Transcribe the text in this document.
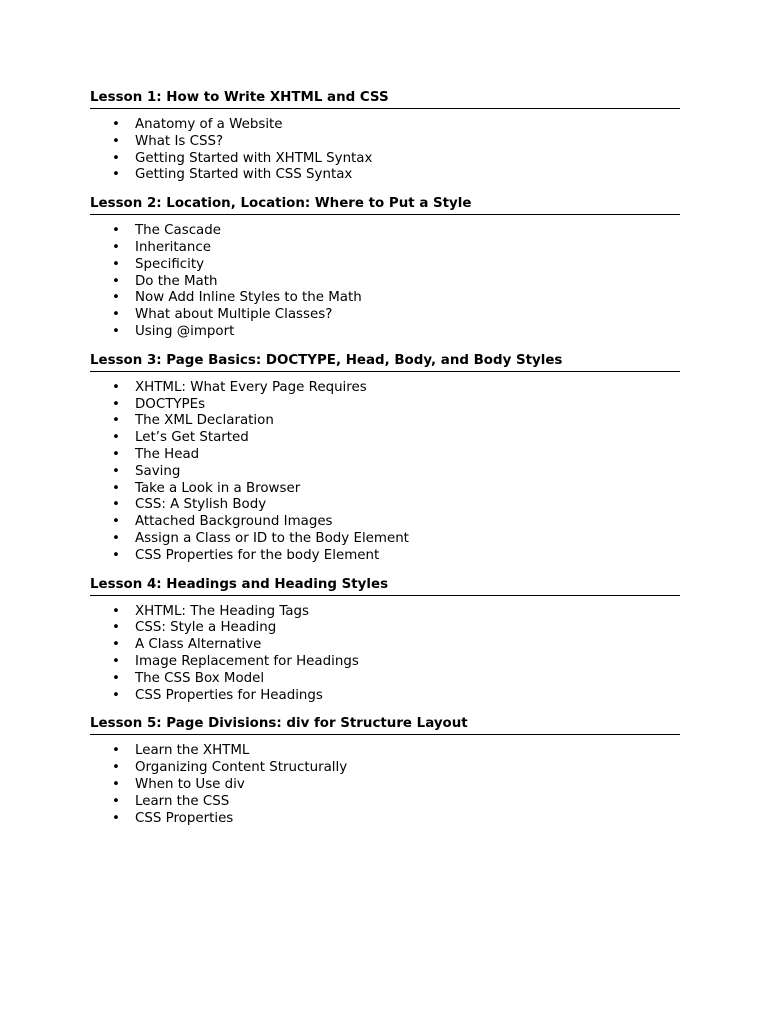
Lesson 1: How to Write XHTML and CSS
•	Anatomy of a Website
•	What Is CSS?
•	Getting Started with XHTML Syntax
•	Getting Started with CSS Syntax
Lesson 2: Location, Location: Where to Put a Style
•	The Cascade
•	Inheritance
•	Specificity
•	Do the Math
•	Now Add Inline Styles to the Math
•	What about Multiple Classes?
•	Using @import
Lesson 3: Page Basics: DOCTYPE, Head, Body, and Body Styles
•	XHTML: What Every Page Requires
•	DOCTYPEs
•	The XML Declaration
•	Let’s Get Started
•	The Head
•	Saving
•	Take a Look in a Browser
•	CSS: A Stylish Body
•	Attached Background Images
•	Assign a Class or ID to the Body Element
•	CSS Properties for the body Element
Lesson 4: Headings and Heading Styles
•	XHTML: The Heading Tags
•	CSS: Style a Heading
•	A Class Alternative
•	Image Replacement for Headings
•	The CSS Box Model
•	CSS Properties for Headings
Lesson 5: Page Divisions: div for Structure Layout
•	Learn the XHTML
•	Organizing Content Structurally
•	When to Use div
•	Learn the CSS
•	CSS Properties
